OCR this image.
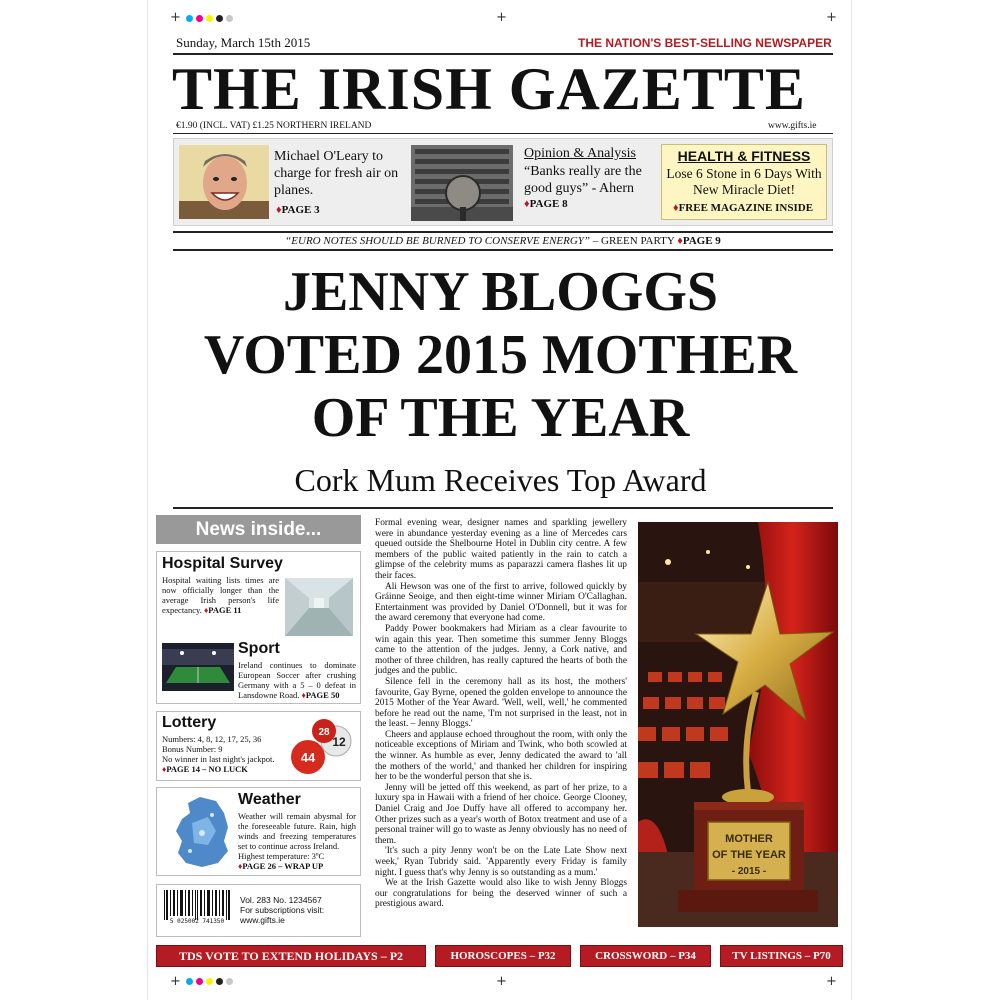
+	+	+
Sunday, March 15th 2015	THE NATION'S BEST-SELLING NEWSPAPER
THE IRISH GAZETTE
€1.90 (INCL. VAT) £1.25 NORTHERN IRELAND	www.gifts.ie
Michael O'Leary to charge for fresh air on planes.
♦PAGE 3
Opinion & Analysis
“Banks really are the good guys” - Ahern
♦PAGE 8
HEALTH & FITNESS
Lose 6 Stone in 6 Days With New Miracle Diet!
♦FREE MAGAZINE INSIDE
“EURO NOTES SHOULD BE BURNED TO CONSERVE ENERGY” – GREEN PARTY ♦PAGE 9
JENNY BLOGGS
VOTED 2015 MOTHER
OF THE YEAR
Cork Mum Receives Top Award
News inside...
Hospital Survey
Hospital waiting lists times are now officially longer than the average Irish person's life expectancy. ♦PAGE 11
Sport
Ireland continues to dominate European Soccer after crushing Germany with a 5 – 0 defeat in Lansdowne Road. ♦PAGE 50
Lottery
Numbers: 4, 8, 12, 17, 25, 36
Bonus Number: 9
No winner in last night's jackpot.
♦PAGE 14 – NO LUCK
44
12
28
Weather
Weather will remain abysmal for the foreseeable future. Rain, high winds and freezing temperatures set to continue across Ireland.
Highest temperature: 3ºC
♦PAGE 26 – WRAP UP
5 025002 741350
Vol. 283 No. 1234567
For subscriptions visit:
www.gifts.ie

Formal evening wear, designer names and sparkling jewellery were in abundance yesterday evening as a line of Mercedes cars queued outside the Shelbourne Hotel in Dublin city centre. A few members of the public waited patiently in the rain to catch a glimpse of the celebrity mums as paparazzi camera flashes lit up their faces.

Ali Hewson was one of the first to arrive, followed quickly by Gráinne Seoige, and then eight-time winner Miriam O'Callaghan. Entertainment was provided by Daniel O'Donnell, but it was for the award ceremony that everyone had come.

Paddy Power bookmakers had Miriam as a clear favourite to win again this year. Then sometime this summer Jenny Bloggs came to the attention of the judges. Jenny, a Cork native, and mother of three children, has really captured the hearts of both the judges and the public.

Silence fell in the ceremony hall as its host, the mothers' favourite, Gay Byrne, opened the golden envelope to announce the 2015 Mother of the Year Award. 'Well, well, well,' he commented before he read out the name, 'I'm not surprised in the least, not in the least. – Jenny Bloggs.'

Cheers and applause echoed throughout the room, with only the noticeable exceptions of Miriam and Twink, who both scowled at the winner. As humble as ever, Jenny dedicated the award to 'all the mothers of the world,' and thanked her children for inspiring her to be the wonderful person that she is.

Jenny will be jetted off this weekend, as part of her prize, to a luxury spa in Hawaii with a friend of her choice. George Clooney, Daniel Craig and Joe Duffy have all offered to accompany her. Other prizes such as a year's worth of Botox treatment and use of a personal trainer will go to waste as Jenny obviously has no need of them.

'It's such a pity Jenny won't be on the Late Late Show next week,' Ryan Tubridy said. 'Apparently every Friday is family night. I guess that's why Jenny is so outstanding as a mum.'

We at the Irish Gazette would also like to wish Jenny Bloggs our congratulations for being the deserved winner of such a prestigious award.

MOTHER
OF THE YEAR
- 2015 -
TDS VOTE TO EXTEND HOLIDAYS – P2	HOROSCOPES – P32	CROSSWORD – P34	TV LISTINGS – P70
+	+	+
